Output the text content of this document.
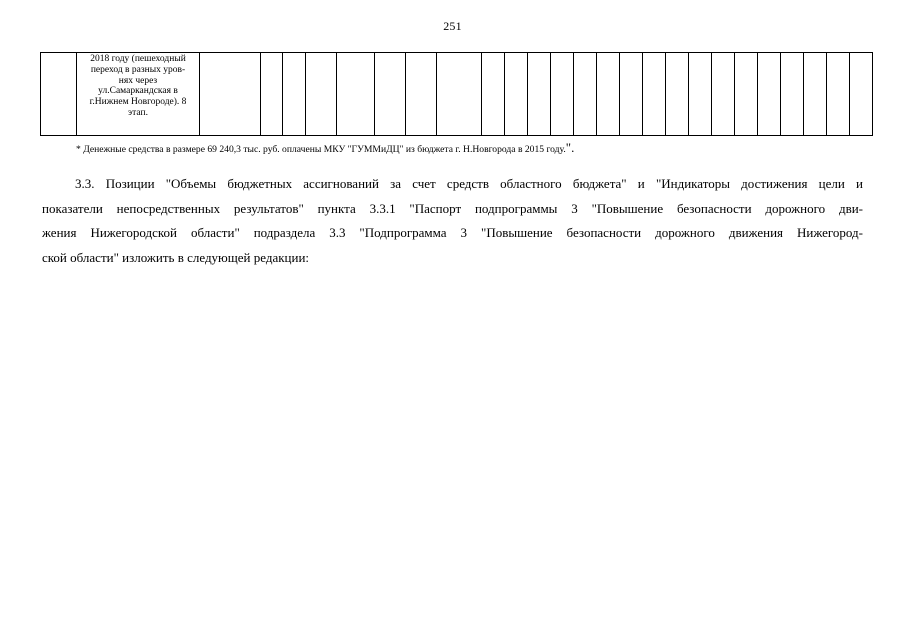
251

2018 году (пешеходный
переход в разных уров-
нях через
ул.Самаркандская в
г.Нижнем Новгороде). 8
этап.

* Денежные средства в размере 69 240,3 тыс. руб. оплачены МКУ "ГУММиДЦ" из бюджета г. Н.Новгорода в 2015 году.".
3.3. Позиции "Объемы бюджетных ассигнований за счет средств областного бюджета" и "Индикаторы достижения цели и
показатели непосредственных результатов" пункта 3.3.1 "Паспорт подпрограммы 3 "Повышение безопасности дорожного дви-
жения Нижегородской области" подраздела 3.3 "Подпрограмма 3 "Повышение безопасности дорожного движения Нижегород-
ской области" изложить в следующей редакции:
